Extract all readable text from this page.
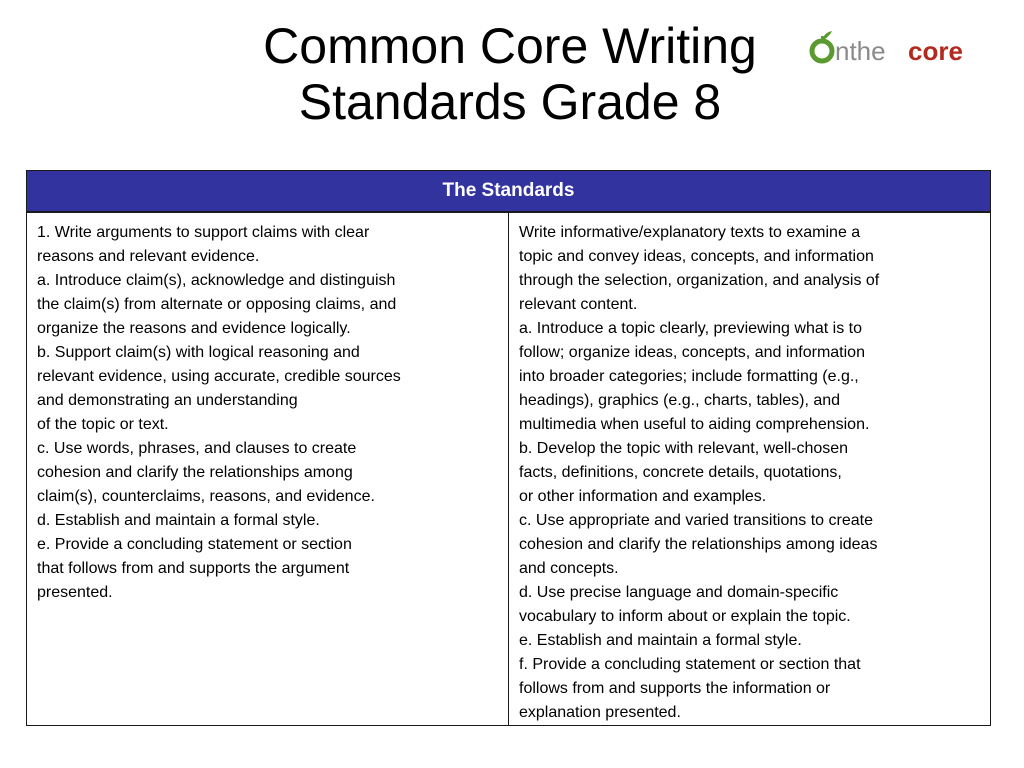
Common Core Writing
Standards Grade 8
nthe core
The Standards

1. Write arguments to support claims with clear
reasons and relevant evidence.
a. Introduce claim(s), acknowledge and distinguish
the claim(s) from alternate or opposing claims, and
organize the reasons and evidence logically.
b. Support claim(s) with logical reasoning and
relevant evidence, using accurate, credible sources
and demonstrating an understanding
of the topic or text.
c. Use words, phrases, and clauses to create
cohesion and clarify the relationships among
claim(s), counterclaims, reasons, and evidence.
d. Establish and maintain a formal style.
e. Provide a concluding statement or section
that follows from and supports the argument
presented.

Write informative/explanatory texts to examine a
topic and convey ideas, concepts, and information
through the selection, organization, and analysis of
relevant content.
a. Introduce a topic clearly, previewing what is to
follow; organize ideas, concepts, and information
into broader categories; include formatting (e.g.,
headings), graphics (e.g., charts, tables), and
multimedia when useful to aiding comprehension.
b. Develop the topic with relevant, well-chosen
facts, definitions, concrete details, quotations,
or other information and examples.
c. Use appropriate and varied transitions to create
cohesion and clarify the relationships among ideas
and concepts.
d. Use precise language and domain-specific
vocabulary to inform about or explain the topic.
e. Establish and maintain a formal style.
f. Provide a concluding statement or section that
follows from and supports the information or
explanation presented.
